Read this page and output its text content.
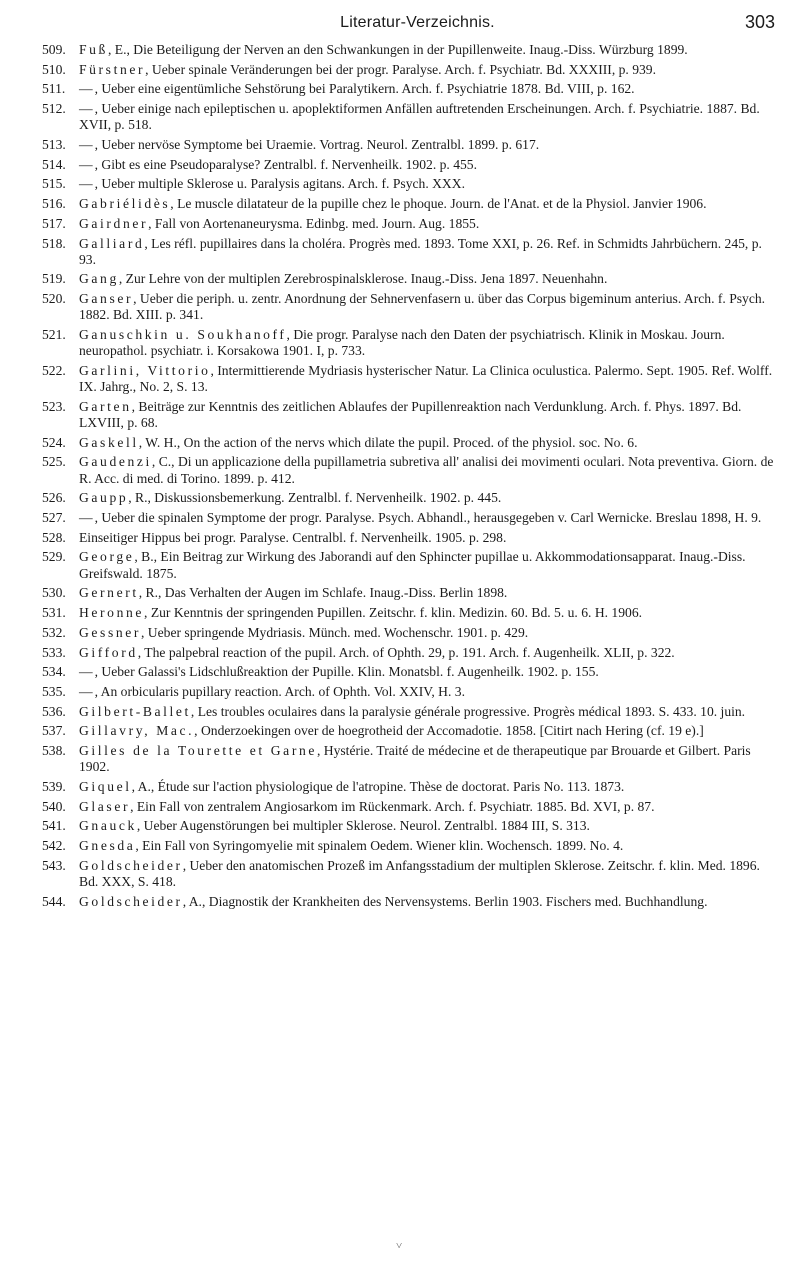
Literatur-Verzeichnis.	303
509. Fuß, E., Die Beteiligung der Nerven an den Schwankungen in der Pupillenweite. Inaug.-Diss. Würzburg 1899.
510. Fürstner, Ueber spinale Veränderungen bei der progr. Paralyse. Arch. f. Psychiatr. Bd. XXXIII, p. 939.
511.	— , Ueber eine eigentümliche Sehstörung bei Paralytikern. Arch. f. Psychiatrie 1878. Bd. VIII, p. 162.
512. — , Ueber einige nach epileptischen u. apoplektiformen Anfällen auftretenden Erscheinungen. Arch. f. Psychiatrie. 1887. Bd. XVII, p. 518.
513. — , Ueber nervöse Symptome bei Uraemie. Vortrag. Neurol. Zentralbl. 1899. p. 617.
514. — , Gibt es eine Pseudoparalyse? Zentralbl. f. Nervenheilk. 1902. p. 455.
515. — , Ueber multiple Sklerose u. Paralysis agitans. Arch. f. Psych. XXX.
516. Gabriélidès, Le muscle dilatateur de la pupille chez le phoque. Journ. de l'Anat. et de la Physiol. Janvier 1906.
517. Gairdner, Fall von Aortenaneurysma. Edinbg. med. Journ. Aug. 1855.
518. Galliard, Les réfl. pupillaires dans la choléra. Progrès med. 1893. Tome XXI, p. 26. Ref. in Schmidts Jahrbüchern. 245, p. 93.
519. Gang, Zur Lehre von der multiplen Zerebrospinalsklerose. Inaug.-Diss. Jena 1897. Neuenhahn.
520. Ganser, Ueber die periph. u. zentr. Anordnung der Sehnervenfasern u. über das Corpus bigeminum anterius. Arch. f. Psych. 1882. Bd. XIII. p. 341.
521. Ganuschkin u. Soukhanoff, Die progr. Paralyse nach den Daten der psychiatrisch. Klinik in Moskau. Journ. neuropathol. psychiatr. i. Korsakowa 1901. I, p. 733.
522. Garlini, Vittorio, Intermittierende Mydriasis hysterischer Natur. La Clinica oculustica. Palermo. Sept. 1905. Ref. Wolff. IX. Jahrg., No. 2, S. 13.
523. Garten, Beiträge zur Kenntnis des zeitlichen Ablaufes der Pupillenreaktion nach Verdunklung. Arch. f. Phys. 1897. Bd. LXVIII, p. 68.
524. Gaskell, W. H., On the action of the nervs which dilate the pupil. Proced. of the physiol. soc. No. 6.
525. Gaudenzi, C., Di un applicazione della pupillametria subretiva all' analisi dei movimenti oculari. Nota preventiva. Giorn. de R. Acc. di med. di Torino. 1899. p. 412.
526. Gaupp, R., Diskussionsbemerkung. Zentralbl. f. Nervenheilk. 1902. p. 445.
527. — , Ueber die spinalen Symptome der progr. Paralyse. Psych. Abhandl., herausgegeben v. Carl Wernicke. Breslau 1898, H. 9.
528. Einseitiger Hippus bei progr. Paralyse. Centralbl. f. Nervenheilk. 1905. p. 298.
529. George, B., Ein Beitrag zur Wirkung des Jaborandi auf den Sphincter pupillae u. Akkommodationsapparat. Inaug.-Diss. Greifswald. 1875.
530. Gernert, R., Das Verhalten der Augen im Schlafe. Inaug.-Diss. Berlin 1898.
531. Heronne, Zur Kenntnis der springenden Pupillen. Zeitschr. f. klin. Medizin. 60. Bd. 5. u. 6. H. 1906.
532. Gessner, Ueber springende Mydriasis. Münch. med. Wochenschr. 1901. p. 429.
533. Gifford, The palpebral reaction of the pupil. Arch. of Ophth. 29, p. 191. Arch. f. Augenheilk. XLII, p. 322.
534. — , Ueber Galassi's Lidschlußreaktion der Pupille. Klin. Monatsbl. f. Augenheilk. 1902. p. 155.
535. — , An orbicularis pupillary reaction. Arch. of Ophth. Vol. XXIV, H. 3.
536. Gilbert-Ballet, Les troubles oculaires dans la paralysie générale progressive. Progrès médical 1893. S. 433. 10. juin.
537. Gillavry, Mac., Onderzoekingen over de hoegrotheid der Accomadotie. 1858. [Citirt nach Hering (cf. 19 e).]
538. Gilles de la Tourette et Garne, Hystérie. Traité de médecine et de therapeutique par Brouarde et Gilbert. Paris 1902.
539. Giquel, A., Étude sur l'action physiologique de l'atropine. Thèse de doctorat. Paris No. 113. 1873.
540. Glaser, Ein Fall von zentralem Angiosarkom im Rückenmark. Arch. f. Psychiatr. 1885. Bd. XVI, p. 87.
541. Gnauck, Ueber Augenstörungen bei multipler Sklerose. Neurol. Zentralbl. 1884 III, S. 313.
542. Gnesda, Ein Fall von Syringomyelie mit spinalem Oedem. Wiener klin. Wochensch. 1899. No. 4.
543. Goldscheider, Ueber den anatomischen Prozeß im Anfangsstadium der multiplen Sklerose. Zeitschr. f. klin. Med. 1896. Bd. XXX, S. 418.
544. Goldscheider, A., Diagnostik der Krankheiten des Nervensystems. Berlin 1903. Fischers med. Buchhandlung.
˅
